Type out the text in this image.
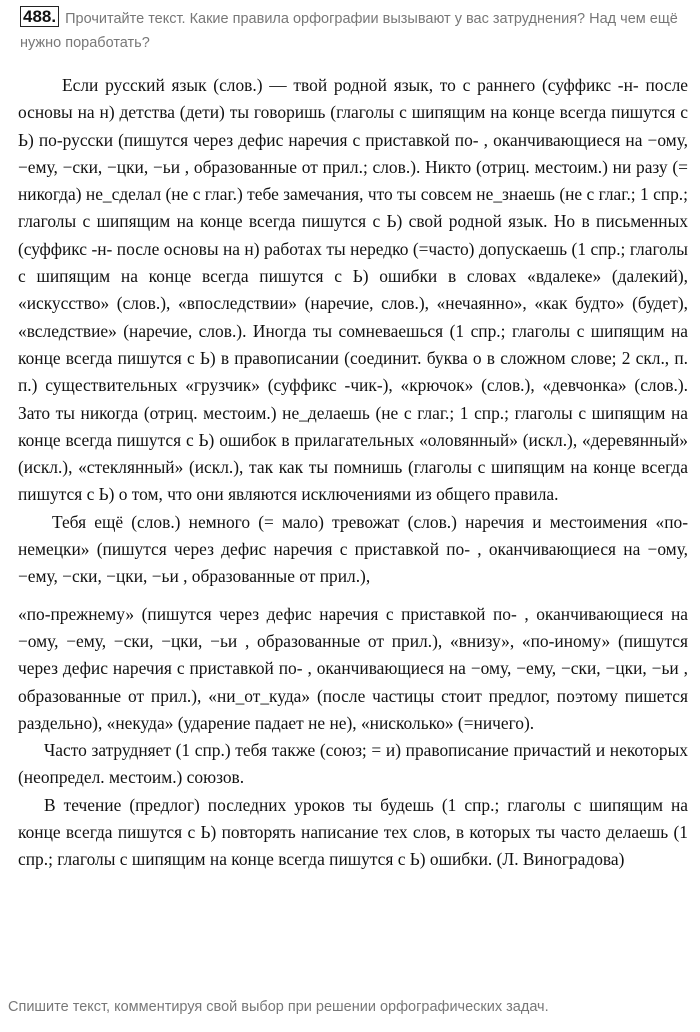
488. Прочитайте текст. Какие правила орфографии вызывают у вас затруднения? Над чем ещё нужно поработать?

Если русский язык (слов.) — твой родной язык, то с раннего (суффикс -н- после основы на н) детства (дети) ты говоришь (глаголы с шипящим на конце всегда пишутся с Ь) по-русски (пишутся через дефис наречия с приставкой по- , оканчивающиеся на −ому, −ему, −ски, −цки, −ьи , образованные от прил.; слов.). Никто (отриц. местоим.) ни разу (= никогда) не_сделал (не с глаг.) тебе замечания, что ты совсем не_знаешь (не с глаг.; 1 спр.; глаголы с шипящим на конце всегда пишутся с Ь) свой родной язык. Но в письменных (суффикс -н- после основы на н) работах ты нередко (=часто) допускаешь (1 спр.; глаголы с шипящим на конце всегда пишутся с Ь) ошибки в словах «вдалеке» (далекий), «искусство» (слов.), «впоследствии» (наречие, слов.), «нечаянно», «как будто» (будет), «вследствие» (наречие, слов.). Иногда ты сомневаешься (1 спр.; глаголы с шипящим на конце всегда пишутся с Ь) в правописании (соединит. буква о в сложном слове; 2 скл., п. п.) существительных «грузчик» (суффикс -чик-), «крючок» (слов.), «девчонка» (слов.). Зато ты никогда (отриц. местоим.) не_делаешь (не с глаг.; 1 спр.; глаголы с шипящим на конце всегда пишутся с Ь) ошибок в прилагательных «оловянный» (искл.), «деревянный» (искл.), «стеклянный» (искл.), так как ты помнишь (глаголы с шипящим на конце всегда пишутся с Ь) о том, что они являются исключениями из общего правила.

Тебя ещё (слов.) немного (= мало) тревожат (слов.) наречия и местоимения «по-немецки» (пишутся через дефис наречия с приставкой по- , оканчивающиеся на −ому, −ему, −ски, −цки, −ьи , образованные от прил.),

«по-прежнему» (пишутся через дефис наречия с приставкой по- , оканчивающиеся на −ому, −ему, −ски, −цки, −ьи , образованные от прил.), «внизу», «по-иному» (пишутся через дефис наречия с приставкой по- , оканчивающиеся на −ому, −ему, −ски, −цки, −ьи , образованные от прил.), «ни_от_куда» (после частицы стоит предлог, поэтому пишется раздельно), «некуда» (ударение падает не не), «нисколько» (=ничего).

Часто затрудняет (1 спр.) тебя также (союз; = и) правописание причастий и некоторых (неопредел. местоим.) союзов.

В течение (предлог) последних уроков ты будешь (1 спр.; глаголы с шипящим на конце всегда пишутся с Ь) повторять написание тех слов, в которых ты часто делаешь (1 спр.; глаголы с шипящим на конце всегда пишутся с Ь) ошибки. (Л. Виноградова)

Спишите текст, комментируя свой выбор при решении орфографических задач.
